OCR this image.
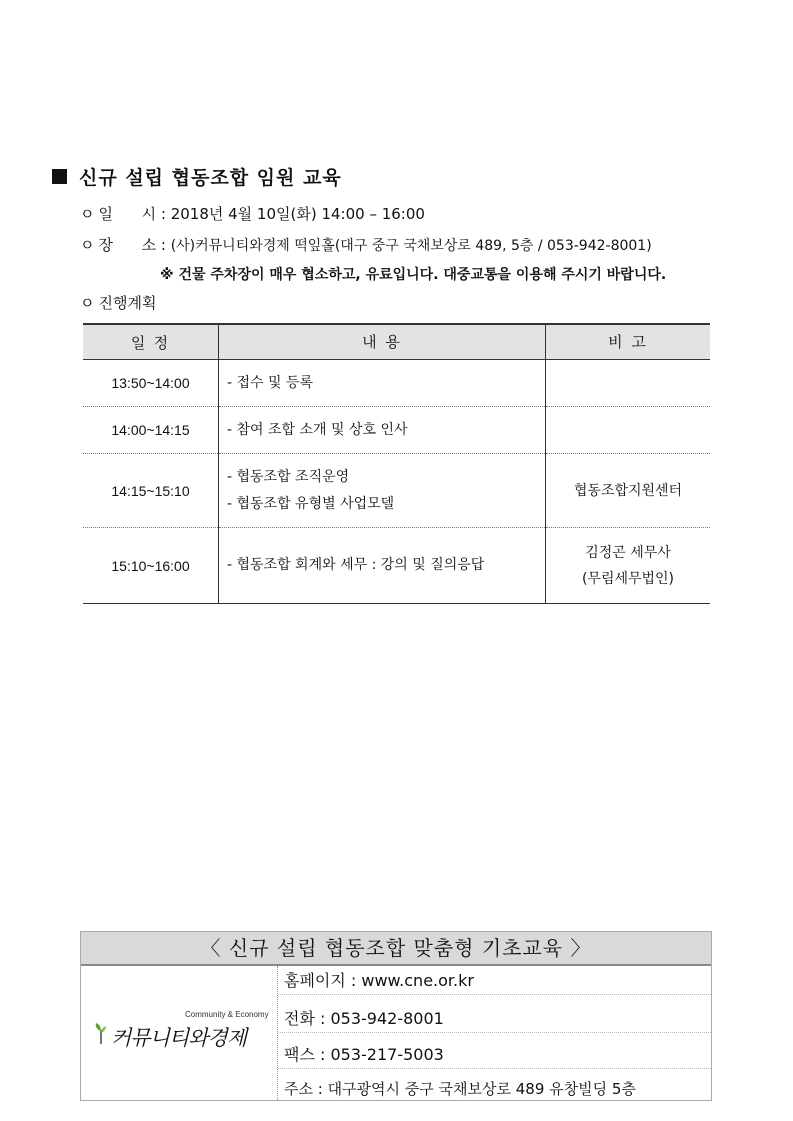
신규 설립 협동조합 임원 교육
ㅇ 일      시 : 2018년 4월 10일(화) 14:00 – 16:00
ㅇ 장      소 : (사)커뮤니티와경제 떡잎홀(대구 중구 국채보상로 489, 5층 / 053-942-8001)
※ 건물 주차장이 매우 협소하고, 유료입니다. 대중교통을 이용해 주시기 바랍니다.
ㅇ 진행계획
일 정	내 용	비 고
13:50~14:00	- 접수 및 등록	

14:00~14:15	- 참여 조합 소개 및 상호 인사	

14:15~15:10	- 협동조합 조직운영
- 협동조합 유형별 사업모델	협동조합지원센터

15:10~16:00	- 협동조합 회계와 세무 : 강의 및 질의응답	김정곤 세무사
(무림세무법인)
〈 신규 설립 협동조합 맞춤형 기초교육 〉
Community & Economy
커뮤니티와경제
홈페이지 : www.cne.or.kr
전화 : 053-942-8001
팩스 : 053-217-5003
주소 : 대구광역시 중구 국채보상로 489 유창빌딩 5층
